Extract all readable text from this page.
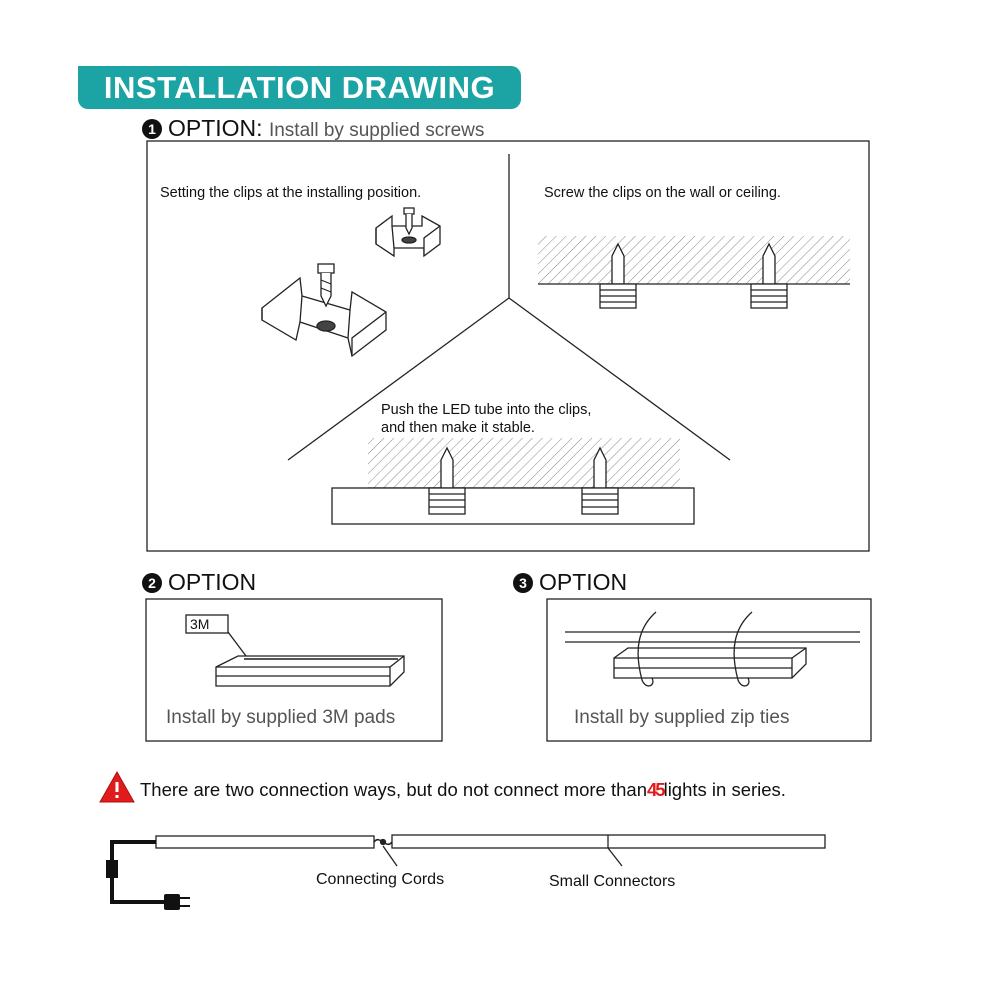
INSTALLATION DRAWING
1 OPTION: Install by supplied screws
2 OPTION	3 OPTION
Setting the clips at the installing position.	Screw the clips on the wall or ceiling.
Push the LED tube into the clips,
and then make it stable.
3M
Install by supplied 3M pads	Install by supplied zip ties
There are two connection ways, but do not connect more than45lights in series.
Connecting Cords	Small Connectors
